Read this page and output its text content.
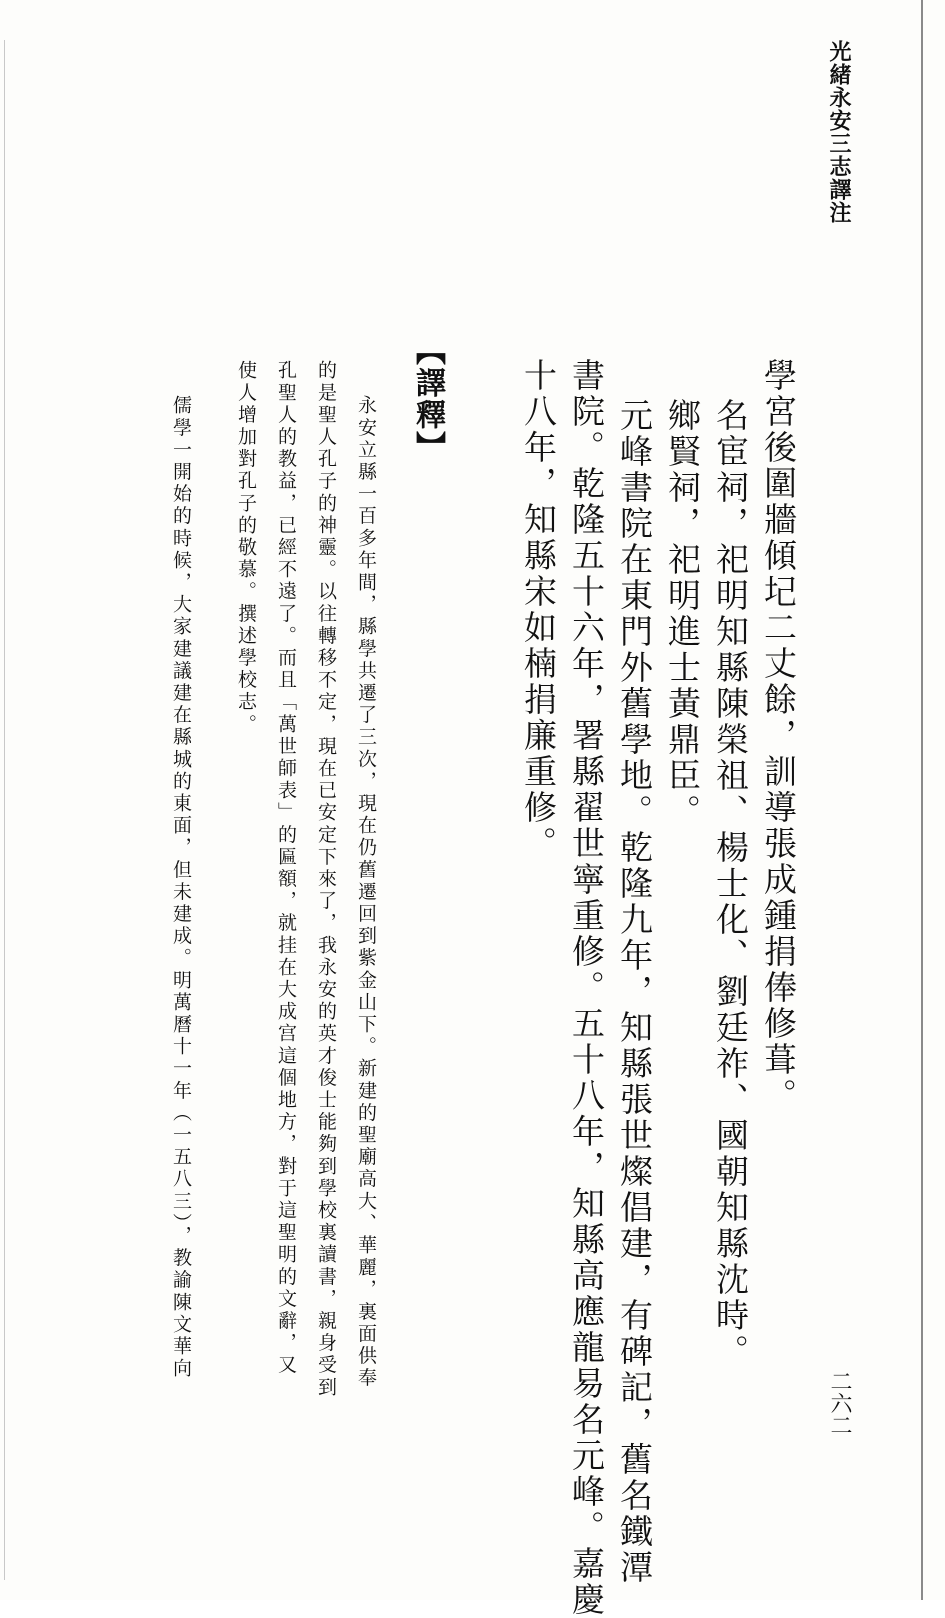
光緒永安三志譯注
二六二
學宮後圍牆傾圮二丈餘，訓導張成鍾捐俸修葺。
名宦祠，祀明知縣陳榮祖、楊士化、劉廷祚、國朝知縣沈時。
鄉賢祠，祀明進士黃鼎臣。
元峰書院在東門外舊學地。乾隆九年，知縣張世燦倡建，有碑記，舊名鐵潭
書院。乾隆五十六年，署縣翟世寧重修。五十八年，知縣高應龍易名元峰。嘉慶
十八年，知縣宋如楠捐廉重修。
【譯釋】
永安立縣一百多年間，縣學共遷了三次，現在仍舊遷回到紫金山下。新建的聖廟高大、華麗，裏面供奉
的是聖人孔子的神靈。以往轉移不定，現在已安定下來了，我永安的英才俊士能夠到學校裏讀書，親身受到
孔聖人的教益，已經不遠了。而且「萬世師表」的匾額，就挂在大成宫這個地方，對于這聖明的文辭，又
使人增加對孔子的敬慕。撰述學校志。
儒學一開始的時候，大家建議建在縣城的東面，但未建成。明萬曆十一年（一五八三），教諭陳文華向
